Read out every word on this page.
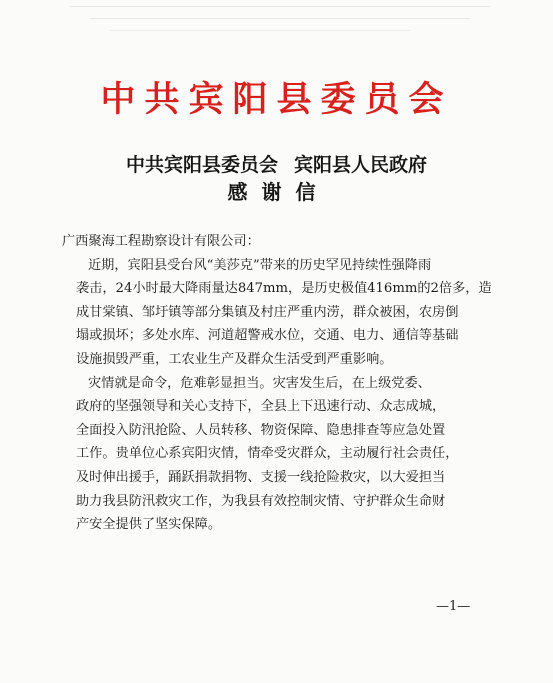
中共宾阳县委员会
中共宾阳县委员会 宾阳县人民政府
感谢信
广西聚海工程勘察设计有限公司：
近期，宾阳县受台风“美莎克”带来的历史罕见持续性强降雨
袭击，24小时最大降雨量达847mm，是历史极值416mm的2倍多，造
成甘棠镇、邹圩镇等部分集镇及村庄严重内涝，群众被困，农房倒
塌或损坏；多处水库、河道超警戒水位，交通、电力、通信等基础
设施损毁严重，工农业生产及群众生活受到严重影响。
灾情就是命令，危难彰显担当。灾害发生后，在上级党委、
政府的坚强领导和关心支持下，全县上下迅速行动、众志成城，
全面投入防汛抢险、人员转移、物资保障、隐患排查等应急处置
工作。贵单位心系宾阳灾情，情牵受灾群众，主动履行社会责任，
及时伸出援手，踊跃捐款捐物、支援一线抢险救灾，以大爱担当
助力我县防汛救灾工作，为我县有效控制灾情、守护群众生命财
产安全提供了坚实保障。
—1—
